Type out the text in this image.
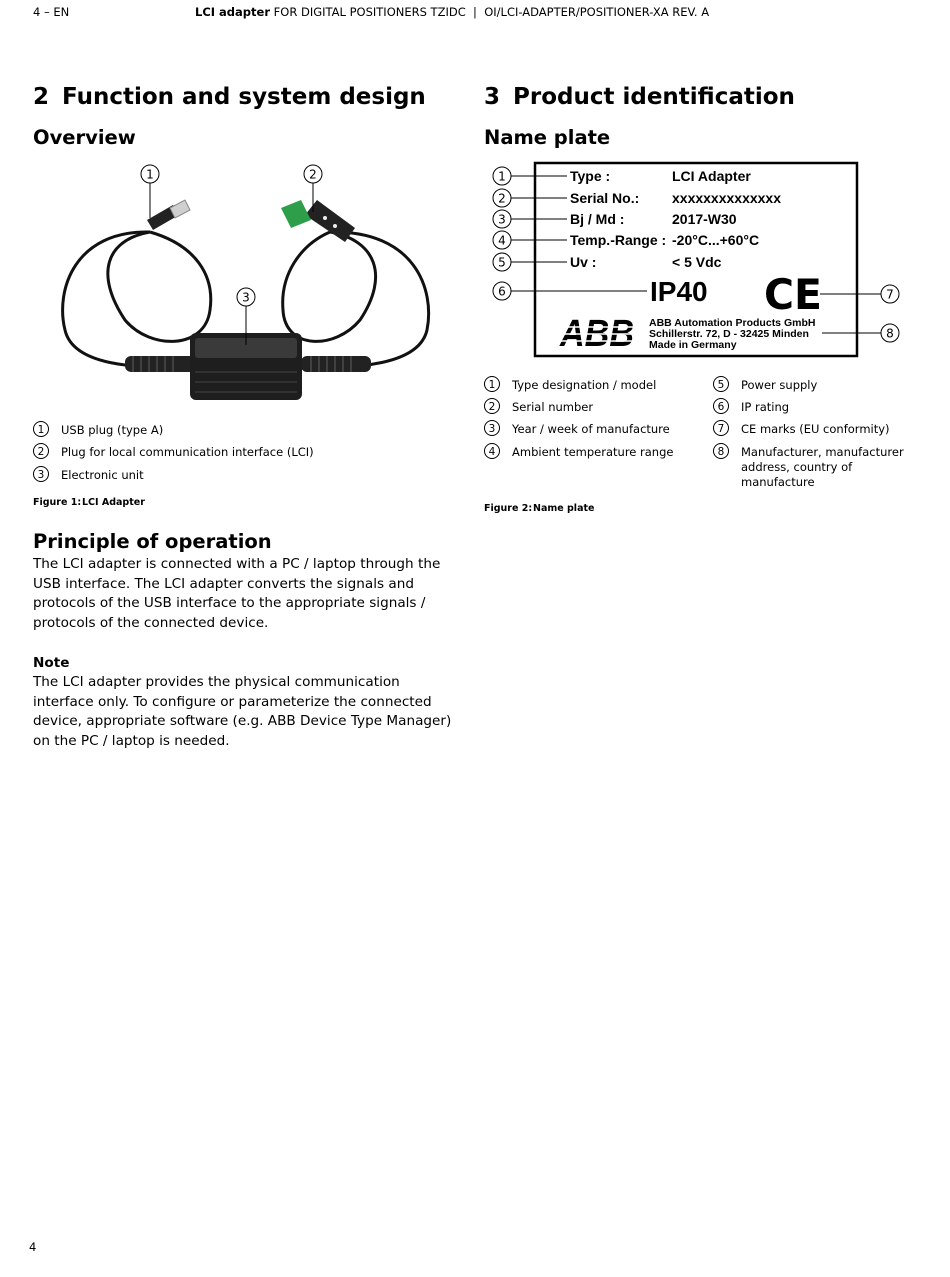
4 – EN	LCI adapter FOR DIGITAL POSITIONERS TZIDC  |  OI/LCI-ADAPTER/POSITIONER-XA REV. A
2 Function and system design
Overview
1	2
3
1	USB plug (type A)
2	Plug for local communication interface (LCI)
3	Electronic unit
Figure 1:LCI Adapter
Principle of operation
The LCI adapter is connected with a PC / laptop through the USB interface. The LCI adapter converts the signals and protocols of the USB interface to the appropriate signals / protocols of the connected device.
Note
The LCI adapter provides the physical communication interface only. To configure or parameterize the connected device, appropriate software (e.g. ABB Device Type Manager) on the PC / laptop is needed.
3 Product identification
Name plate
Type :	LCI Adapter
Serial No.: xxxxxxxxxxxxxx
Bj / Md :	2017-W30
Temp.-Range : -20°C...+60°C
Uv :	< 5 Vdc
IP40 CE
ABB ABB Automation Products GmbH
Schillerstr. 72, D - 32425 Minden
Made in Germany
1
2
3
4
5
6	7
8
1	Type designation / model
2	Serial number
3	Year / week of manufacture
4	Ambient temperature range
5	Power supply
6	IP rating
7	CE marks (EU conformity)
8	Manufacturer, manufacturer address, country of manufacture
Figure 2:Name plate
4
